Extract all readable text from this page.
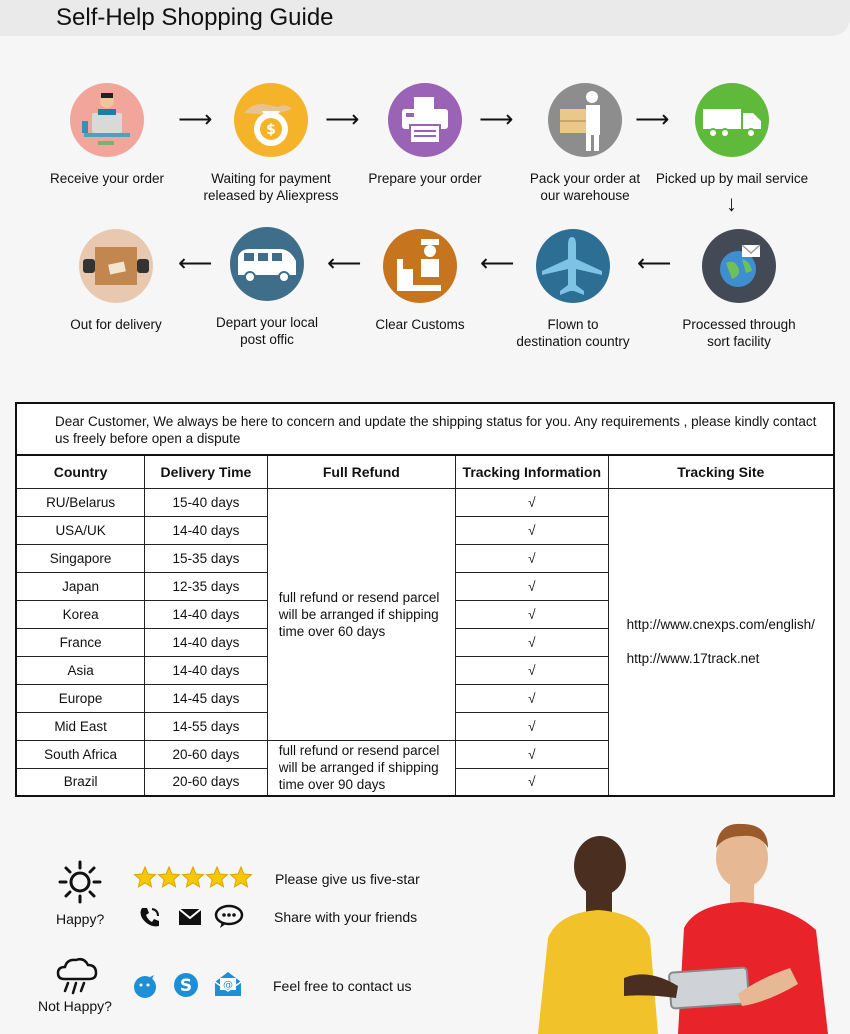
Self-Help Shopping Guide
Receive your order
$
Waiting for payment
released by Aliexpress
Prepare your order	Pack your order at
our warehouse
Picked up by mail service
⟶	⟶	⟶	⟶
↓
Processed through
sort facility
Flown to
destination country
Clear Customs
Depart your local
post offic
Out for delivery
⟵
⟵
⟵
⟵
Dear Customer, We always be here to concern and update the shipping status for you. Any requirements , please kindly contact us freely before open a dispute
Country	Delivery Time	Full Refund	Tracking Information	Tracking Site
RU/Belarus	15-40 days	full refund or resend parcel will be arranged if shipping time over 60 days	√	http://www.cnexps.com/english/
http://www.17track.net
USA/UK	14-40 days		√	
Singapore	15-35 days		√	
Japan	12-35 days		√	
Korea	14-40 days		√	
France	14-40 days		√	
Asia	14-40 days		√	
Europe	14-45 days		√	
Mid East	14-55 days		√	
South Africa	20-60 days	full refund or resend parcel will be arranged if shipping time over 90 days	√	
Brazil	20-60 days		√	
Happy?
Please give us five-star
Share with your friends
Not Happy?
S	@	Feel free to contact us
